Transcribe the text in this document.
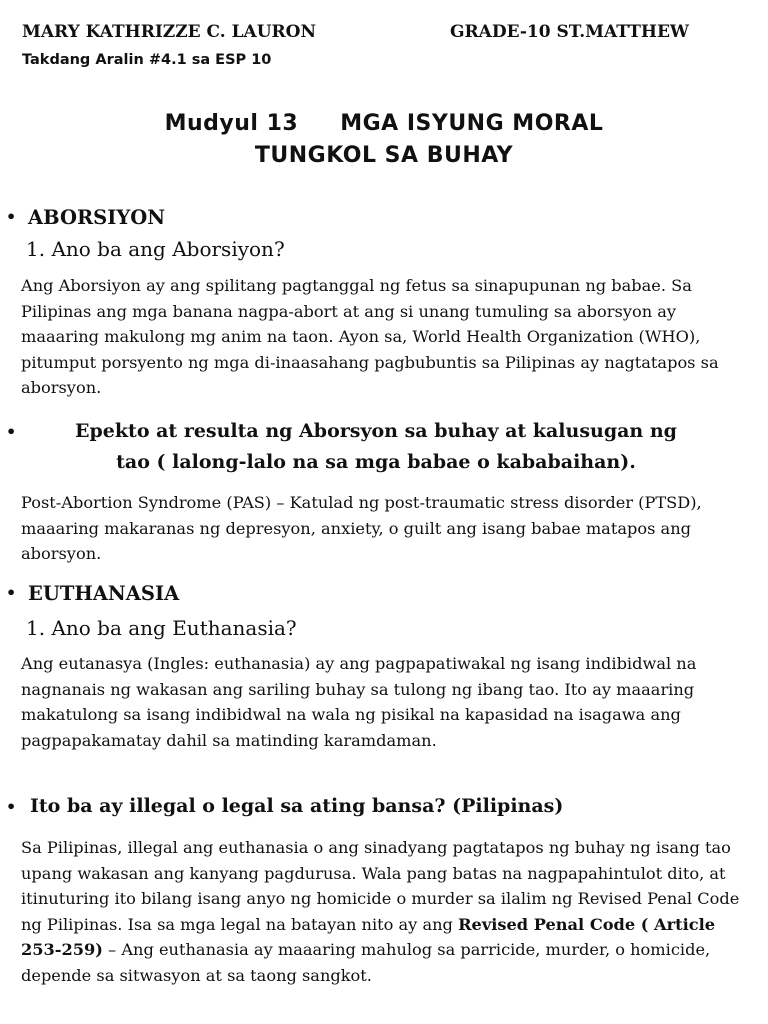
MARY KATHRIZZE C. LAURON	GRADE-10 ST.MATTHEW
Takdang Aralin #4.1 sa ESP 10
Mudyul 13 MGA ISYUNG MORAL
TUNGKOL SA BUHAY
• ABORSIYON
1. Ano ba ang Aborsiyon?
Ang Aborsiyon ay ang spilitang pagtanggal ng fetus sa sinapupunan ng babae. Sa Pilipinas ang mga banana nagpa-abort at ang si unang tumuling sa aborsyon ay maaaring makulong mg anim na taon. Ayon sa, World Health Organization (WHO), pitumput porsyento ng mga di-inaasahang pagbubuntis sa Pilipinas ay nagtatapos sa aborsyon.
•	Epekto at resulta ng Aborsyon sa buhay at kalusugan ng
tao ( lalong-lalo na sa mga babae o kababaihan).
Post-Abortion Syndrome (PAS) – Katulad ng post-traumatic stress disorder (PTSD), maaaring makaranas ng depresyon, anxiety, o guilt ang isang babae matapos ang aborsyon.
• EUTHANASIA
1. Ano ba ang Euthanasia?
Ang eutanasya (Ingles: euthanasia) ay ang pagpapatiwakal ng isang indibidwal na nagnanais ng wakasan ang sariling buhay sa tulong ng ibang tao. Ito ay maaaring makatulong sa isang indibidwal na wala ng pisikal na kapasidad na isagawa ang pagpapakamatay dahil sa matinding karamdaman.
• Ito ba ay illegal o legal sa ating bansa? (Pilipinas)
Sa Pilipinas, illegal ang euthanasia o ang sinadyang pagtatapos ng buhay ng isang tao upang wakasan ang kanyang pagdurusa. Wala pang batas na nagpapahintulot dito, at itinuturing ito bilang isang anyo ng homicide o murder sa ilalim ng Revised Penal Code ng Pilipinas. Isa sa mga legal na batayan nito ay ang Revised Penal Code ( Article 253-259) – Ang euthanasia ay maaaring mahulog sa parricide, murder, o homicide, depende sa sitwasyon at sa taong sangkot.
